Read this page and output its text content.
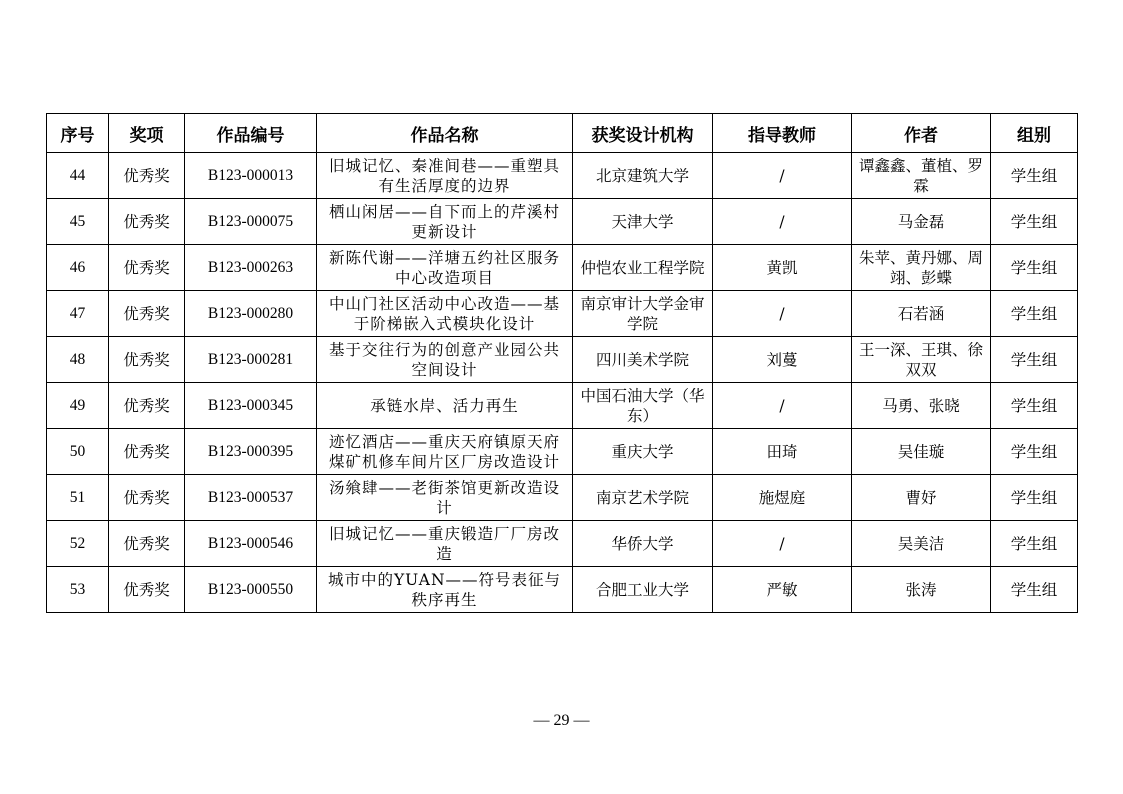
序号	奖项	作品编号	作品名称	获奖设计机构	指导教师	作者	组别
44	优秀奖	B123-000013	旧城记忆、秦准间巷——重塑具有生活厚度的边界	北京建筑大学	/	谭鑫鑫、董植、罗霖	学生组
45	优秀奖	B123-000075	栖山闲居——自下而上的芹溪村更新设计	天津大学	/	马金磊	学生组
46	优秀奖	B123-000263	新陈代谢——洋塘五约社区服务中心改造项目	仲恺农业工程学院	黄凯	朱苹、黄丹娜、周翊、彭蝶	学生组
47	优秀奖	B123-000280	中山门社区活动中心改造——基于阶梯嵌入式模块化设计	南京审计大学金审学院	/	石若涵	学生组
48	优秀奖	B123-000281	基于交往行为的创意产业园公共空间设计	四川美术学院	刘蔓	王一深、王琪、徐双双	学生组
49	优秀奖	B123-000345	承链水岸、活力再生	中国石油大学（华东）	/	马勇、张晓	学生组
50	优秀奖	B123-000395	迹忆酒店——重庆天府镇原天府煤矿机修车间片区厂房改造设计	重庆大学	田琦	吴佳璇	学生组
51	优秀奖	B123-000537	汤飨肆——老街茶馆更新改造设计	南京艺术学院	施煜庭	曹妤	学生组
52	优秀奖	B123-000546	旧城记忆——重庆锻造厂厂房改造	华侨大学	/	吴美洁	学生组
53	优秀奖	B123-000550	城市中的YUAN——符号表征与秩序再生	合肥工业大学	严敏	张涛	学生组
— 29 —
